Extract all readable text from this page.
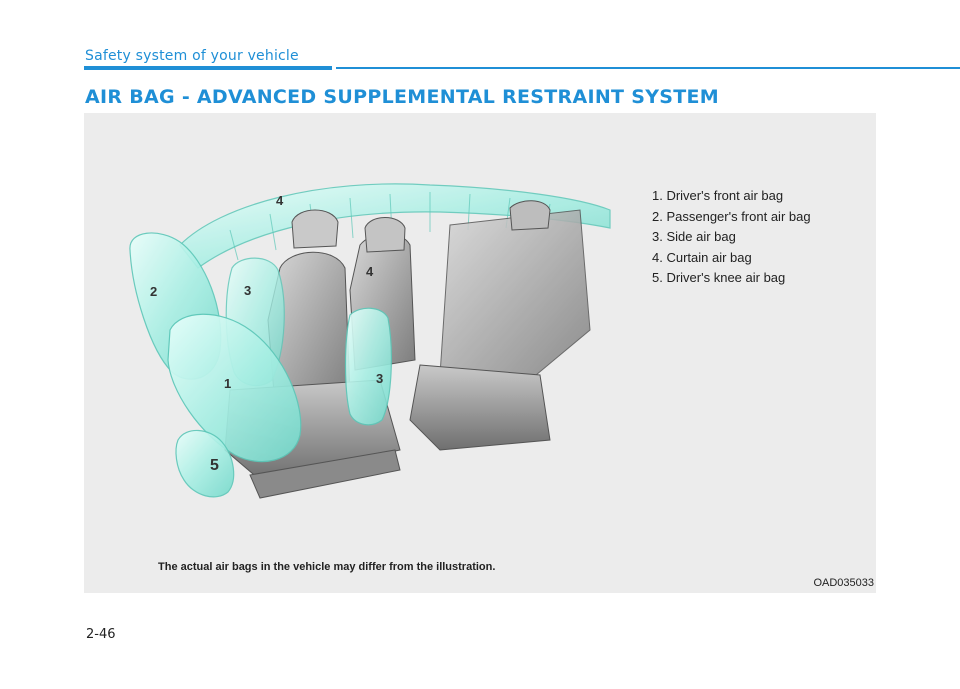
Safety system of your vehicle
AIR BAG - ADVANCED SUPPLEMENTAL RESTRAINT SYSTEM
1
2	3
3
4
4
5
1. Driver's front air bag
2. Passenger's front air bag
3. Side air bag
4. Curtain air bag
5. Driver's knee air bag
The actual air bags in the vehicle may differ from the illustration.
OAD035033
2-46
